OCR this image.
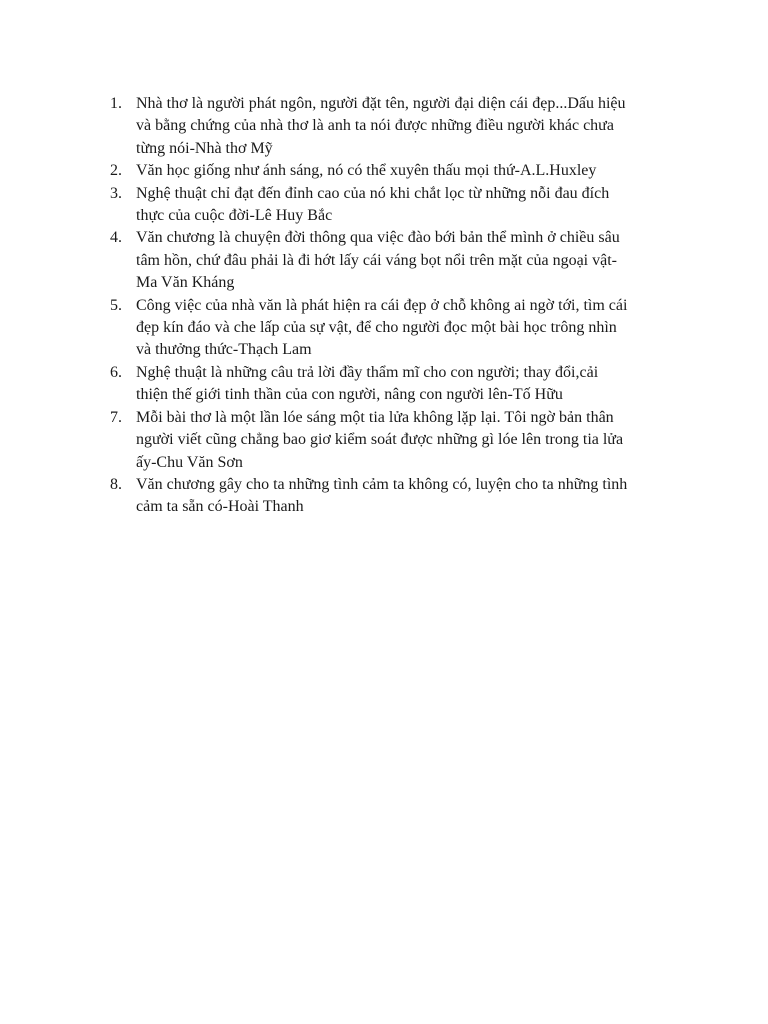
1. Nhà thơ là người phát ngôn, người đặt tên, người đại diện cái đẹp...Dấu hiệu
và bằng chứng của nhà thơ là anh ta nói được những điều người khác chưa
từng nói-Nhà thơ Mỹ
2. Văn học giống như ánh sáng, nó có thể xuyên thấu mọi thứ-A.L.Huxley
3. Nghệ thuật chỉ đạt đến đỉnh cao của nó khi chắt lọc từ những nỗi đau đích
thực của cuộc đời-Lê Huy Bắc
4. Văn chương là chuyện đời thông qua việc đào bới bản thể mình ở chiều sâu
tâm hồn, chứ đâu phải là đi hớt lấy cái váng bọt nổi trên mặt của ngoại vật-
Ma Văn Kháng
5. Công việc của nhà văn là phát hiện ra cái đẹp ở chỗ không ai ngờ tới, tìm cái
đẹp kín đáo và che lấp của sự vật, để cho người đọc một bài học trông nhìn
và thưởng thức-Thạch Lam
6. Nghệ thuật là những câu trả lời đầy thẩm mĩ cho con người; thay đổi,cải
thiện thế giới tinh thần của con người, nâng con người lên-Tố Hữu
7. Mỗi bài thơ là một lần lóe sáng một tia lửa không lặp lại. Tôi ngờ bản thân
người viết cũng chẳng bao giơ kiểm soát được những gì lóe lên trong tia lửa
ấy-Chu Văn Sơn
8. Văn chương gây cho ta những tình cảm ta không có, luyện cho ta những tình
cảm ta sẵn có-Hoài Thanh
